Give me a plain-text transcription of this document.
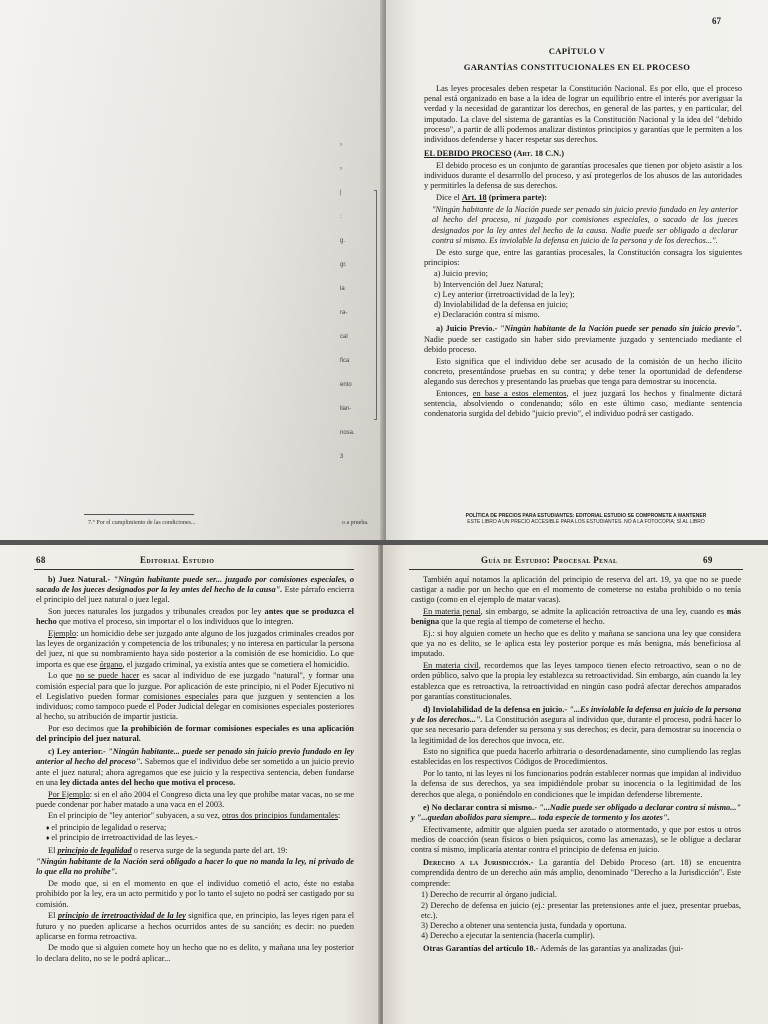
›
›
|
:
g.
gr.
la
ra-
cal
fica
ento
llan-
nosa.
3
7.° Por el cumplimiento de las condiciones...	o a prueba.
67
CAPÍTULO V
GARANTÍAS CONSTITUCIONALES EN EL PROCESO

Las leyes procesales deben respetar la Constitución Nacional. Es por ello, que el proceso penal está organizado en base a la idea de lograr un equilibrio entre el interés por averiguar la verdad y la necesidad de garantizar los derechos, en general de las partes, y en particular, del imputado. La clave del sistema de garantías es la Constitución Nacional y la idea del "debido proceso", a partir de allí podemos analizar distintos principios y garantías que le permiten a los individuos defenderse y hacer respetar sus derechos.

EL DEBIDO PROCESO (Art. 18 C.N.)

El debido proceso es un conjunto de garantías procesales que tienen por objeto asistir a los individuos durante el desarrollo del proceso, y así protegerlos de los abusos de las autoridades y permitirles la defensa de sus derechos.

Dice el Art. 18 (primera parte):

"Ningún habitante de la Nación puede ser penado sin juicio previo fundado en ley anterior al hecho del proceso, ni juzgado por comisiones especiales, o sacado de los jueces designados por la ley antes del hecho de la causa. Nadie puede ser obligado a declarar contra sí mismo. Es inviolable la defensa en juicio de la persona y de los derechos...".

De esto surge que, entre las garantías procesales, la Constitución consagra los siguientes principios:

a) Juicio previo;
b) Intervención del Juez Natural;
c) Ley anterior (irretroactividad de la ley);
d) Inviolabilidad de la defensa en juicio;
e) Declaración contra sí mismo.

a) Juicio Previo.- "Ningún habitante de la Nación puede ser penado sin juicio previo". Nadie puede ser castigado sin haber sido previamente juzgado y sentenciado mediante el debido proceso.

Esto significa que el individuo debe ser acusado de la comisión de un hecho ilícito concreto, presentándose pruebas en su contra; y debe tener la oportunidad de defenderse alegando sus derechos y presentando las pruebas que tenga para demostrar su inocencia.

Entonces, en base a estos elementos, el juez juzgará los hechos y finalmente dictará sentencia, absolviendo o condenando; sólo en este último caso, mediante sentencia condenatoria surgida del debido "juicio previo", el individuo podrá ser castigado.

POLÍTICA DE PRECIOS PARA ESTUDIANTES: EDITORIAL ESTUDIO SE COMPROMETE A MANTENER
ESTE LIBRO A UN PRECIO ACCESIBLE PARA LOS ESTUDIANTES. NO A LA FOTOCOPIA; SÍ AL LIBRO
68	Editorial Estudio

b) Juez Natural.- "Ningún habitante puede ser... juzgado por comisiones especiales, o sacado de los jueces designados por la ley antes del hecho de la causa". Este párrafo encierra el principio del juez natural o juez legal.

Son jueces naturales los juzgados y tribunales creados por ley antes que se produzca el hecho que motiva el proceso, sin importar el o los individuos que lo integren.

Ejemplo: un homicidio debe ser juzgado ante alguno de los juzgados criminales creados por las leyes de organización y competencia de los tribunales; y no interesa en particular la persona del juez, ni que su nombramiento haya sido posterior a la comisión de ese homicidio. Lo que importa es que ese órgano, el juzgado criminal, ya existía antes que se cometiera el homicidio.

Lo que no se puede hacer es sacar al individuo de ese juzgado "natural", y formar una comisión especial para que lo juzgue. Por aplicación de este principio, ni el Poder Ejecutivo ni el Legislativo pueden formar comisiones especiales para que juzguen y sentencien a los individuos; como tampoco puede el Poder Judicial delegar en comisiones especiales posteriores al hecho, su atribución de impartir justicia.

Por eso decimos que la prohibición de formar comisiones especiales es una aplicación del principio del juez natural.

c) Ley anterior.- "Ningún habitante... puede ser penado sin juicio previo fundado en ley anterior al hecho del proceso". Sabemos que el individuo debe ser sometido a un juicio previo ante el juez natural; ahora agregamos que ese juicio y la respectiva sentencia, deben fundarse en una ley dictada antes del hecho que motiva el proceso.

Por Ejemplo: si en el año 2004 el Congreso dicta una ley que prohíbe matar vacas, no se me puede condenar por haber matado a una vaca en el 2003.

En el principio de "ley anterior" subyacen, a su vez, otros dos principios fundamentales:

♦ el principio de legalidad o reserva;
♦ el principio de irretroactividad de las leyes.-

El principio de legalidad o reserva surge de la segunda parte del art. 19:

"Ningún habitante de la Nación será obligado a hacer lo que no manda la ley, ni privado de lo que ella no prohíbe".

De modo que, si en el momento en que el individuo cometió el acto, éste no estaba prohibido por la ley, era un acto permitido y por lo tanto el sujeto no podrá ser castigado por su comisión.

El principio de irretroactividad de la ley significa que, en principio, las leyes rigen para el futuro y no pueden aplicarse a hechos ocurridos antes de su sanción; es decir: no pueden aplicarse en forma retroactiva.

De modo que si alguien comete hoy un hecho que no es delito, y mañana una ley posterior lo declara delito, no se le podrá aplicar...

Guía de Estudio: Procesal Penal	69

También aquí notamos la aplicación del principio de reserva del art. 19, ya que no se puede castigar a nadie por un hecho que en el momento de cometerse no estaba prohibido o no tenía castigo (como en el ejemplo de matar vacas).

En materia penal, sin embargo, se admite la aplicación retroactiva de una ley, cuando es más benigna que la que regía al tiempo de cometerse el hecho.

Ej.: si hoy alguien comete un hecho que es delito y mañana se sanciona una ley que considera que ya no es delito, se le aplica esta ley posterior porque es más benigna, más beneficiosa al imputado.

En materia civil, recordemos que las leyes tampoco tienen efecto retroactivo, sean o no de orden público, salvo que la propia ley establezca su retroactividad. Sin embargo, aún cuando la ley establezca que es retroactiva, la retroactividad en ningún caso podrá afectar derechos amparados por garantías constitucionales.

d) Inviolabilidad de la defensa en juicio.- "...Es inviolable la defensa en juicio de la persona y de los derechos...". La Constitución asegura al individuo que, durante el proceso, podrá hacer lo que sea necesario para defender su persona y sus derechos; es decir, para demostrar su inocencia o la legitimidad de los derechos que invoca, etc.

Esto no significa que pueda hacerlo arbitraria o desordenadamente, sino cumpliendo las reglas establecidas en los respectivos Códigos de Procedimientos.

Por lo tanto, ni las leyes ni los funcionarios podrán establecer normas que impidan al individuo la defensa de sus derechos, ya sea impidiéndole probar su inocencia o la legitimidad de los derechos que alega, o poniéndolo en condiciones que le impidan defenderse libremente.

e) No declarar contra sí mismo.- "...Nadie puede ser obligado a declarar contra sí mismo..." y "...quedan abolidos para siempre... toda especie de tormento y los azotes".

Efectivamente, admitir que alguien pueda ser azotado o atormentado, y que por estos u otros medios de coacción (sean físicos o bien psíquicos, como las amenazas), se le obligue a declarar contra sí mismo, implicaría atentar contra el principio de defensa en juicio.

Derecho a la Jurisdicción.- La garantía del Debido Proceso (art. 18) se encuentra comprendida dentro de un derecho aún más amplio, denominado "Derecho a la Jurisdicción". Este comprende:

1) Derecho de recurrir al órgano judicial.
2) Derecho de defensa en juicio (ej.: presentar las pretensiones ante el juez, presentar pruebas, etc.).
3) Derecho a obtener una sentencia justa, fundada y oportuna.
4) Derecho a ejecutar la sentencia (hacerla cumplir).

Otras Garantías del artículo 18.- Además de las garantías ya analizadas (jui-
